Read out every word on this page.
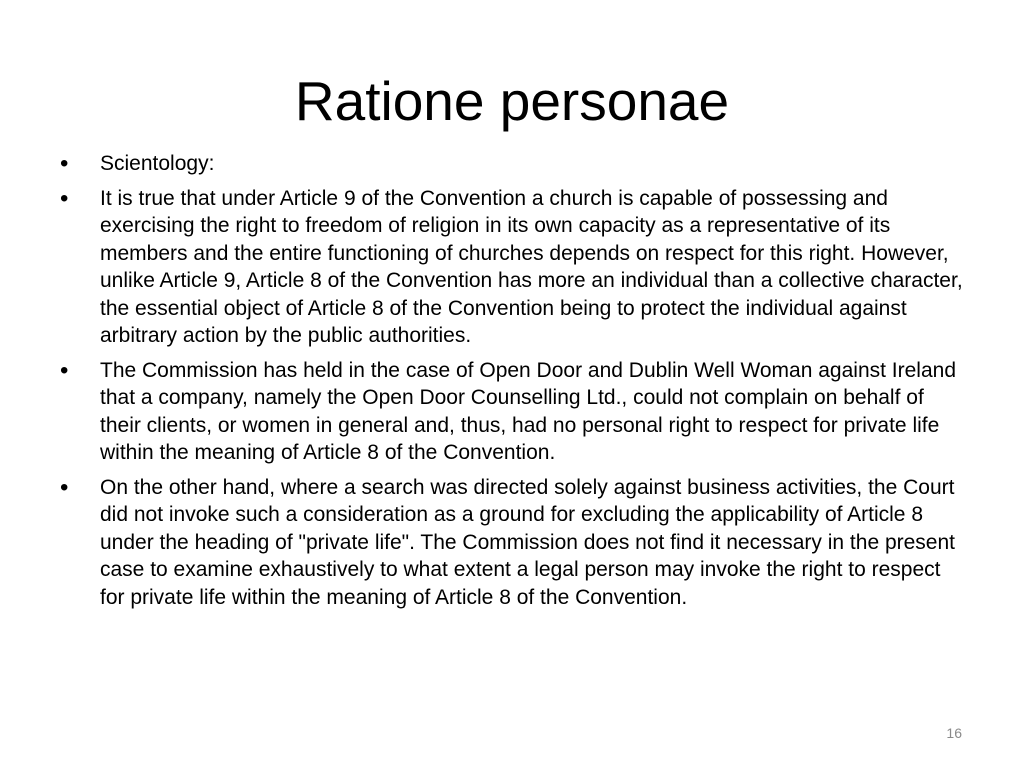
Ratione personae
• Scientology:
• It is true that under Article 9 of the Convention a church is capable of possessing and exercising the right to freedom of religion in its own capacity as a representative of its members and the entire functioning of churches depends on respect for this right. However, unlike Article 9, Article 8 of the Convention has more an individual than a collective character, the essential object of Article 8 of the Convention being to protect the individual against arbitrary action by the public authorities.
• The Commission has held in the case of Open Door and Dublin Well Woman against Ireland that a company, namely the Open Door Counselling Ltd., could not complain on behalf of their clients, or women in general and, thus, had no personal right to respect for private life within the meaning of Article 8 of the Convention.
• On the other hand, where a search was directed solely against business activities, the Court did not invoke such a consideration as a ground for excluding the applicability of Article 8 under the heading of "private life". The Commission does not find it necessary in the present case to examine exhaustively to what extent a legal person may invoke the right to respect for private life within the meaning of Article 8 of the Convention.
16
